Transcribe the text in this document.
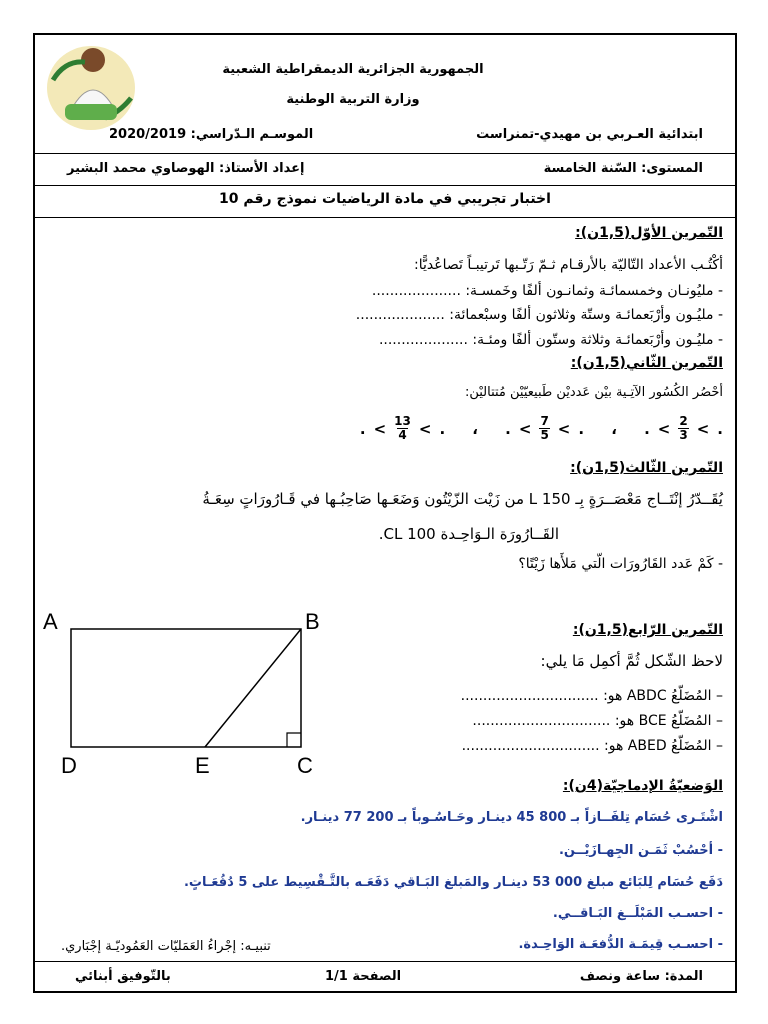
الجمهورية الجزائرية الديمقراطية الشعبية
وزارة التربية الوطنية
ابتدائية العـربي بن مهيدي-تمنراست
الموسـم الـدّراسي: 2020/2019
المستوى: السّنة الخامسة
إعداد الأستاذ: الهوصاوي محمد البشير
اختبار تجريبي في مادة الرياضيات نموذج رقم 10
التّمرين الأوّل(1,5ن):
أكْتُـب الأعداد التّاليّة بالأرقـام ثـمّ رَتّـبها تَرتيبـاً تَصاعُديًّا:
- مليُونـان وخمسمائـة وثمانـون ألفًا وخَمسـة: ....................
- مليُـون وأرْبَعمائـة وستّة وثلاثون ألفًا وسبْعمائة: ....................
- مليُـون وأرْبَعمائـة وثلاثة وستّون ألفًا ومئـة: ....................
التّمرين الثّاني(1,5ن):
أحْصُر الكُسُور الآتِـية بيْن عَدديْن طَبيعيّيْن مُتتاليْن:
. < $\frac{13}{4}$ < .	،	. < $\frac{7}{5}$ < .	،	. < $\frac{2}{3}$ < .
التّمرين الثّالث(1,5ن):
يُقَــدّرُ إنْتَــاج مَعْصَــرَةٍ بِـ 150 L من زَيْت الزّيْتُون وَضَعَـها صَاحِبُـها في قَـارُورَاتٍ سِعَـةُ
القَــارُورَة الـوَاحِـدة 100 CL.
- كَمْ عَدد القَارُورَات الّتي مَلأَها زَيْتًا؟
التّمرين الرّابع(1,5ن):
لاحظ الشّكل ثُمَّ أكمِل مَا يلي:
– المُضَلّعُ ABDC هو: ...............................
– المُضَلّعُ BCE هو: ...............................
– المُضَلّعُ ABED هو: ...............................
A	B
C
D	E
الوَضعيّةُ الإدماجيّة(4ن):
اشْتَـرى حُسَام تِلفَــازاً بـ 800 45 دينـار وحَـاسُـوباً بـ 200 77 دينـار.
- أحْسُبْ ثَمَـن الجِهـازَيْــن.
دَفَع حُسَام لِلبَائع مبلغ 000 53 دينـار والمَبلغ البَـاقي دَفَعَـه بالتَّـقْسِيط على 5 دُفُعَـاتٍ.
- احسـب المَبْلَــغ البَـاقــي.
- احسـب قِيمَـة الدُّفعَـة الوَاحِـدة.
تنبيـه: إجْراءُ العَمَليّات العَمُوديّـة إجْبَاري.
المدة: ساعة ونصف
الصفحة 1/1
بالتّوفيق أبنائي
